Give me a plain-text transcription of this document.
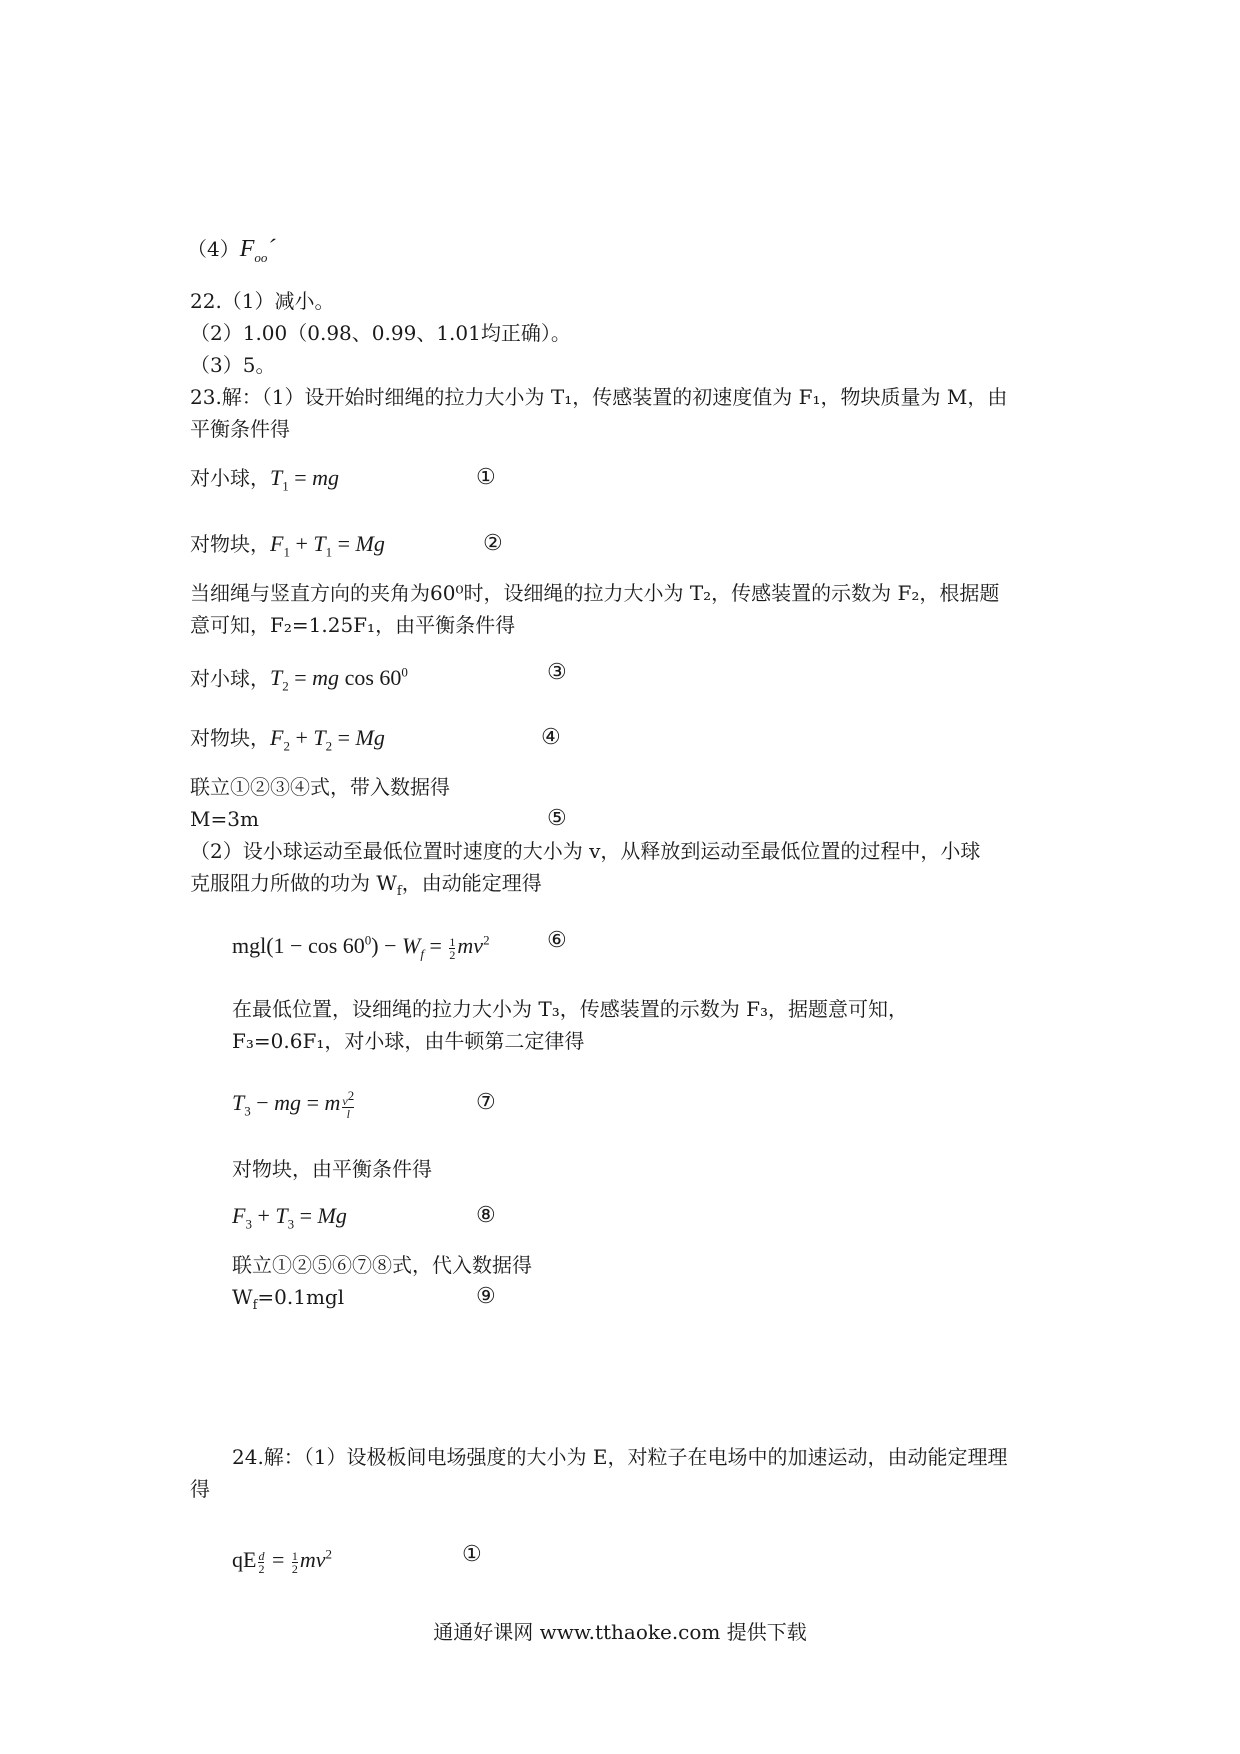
$(4)F_{oo}´$
22.（1）减小。
（2）1.00（0.98、0.99、1.01均正确）。
（3）5。
23.解：（1）设开始时细绳的拉力大小为 T₁，传感装置的初速度值为 F₁，物块质量为 M，由
平衡条件得
对小球，$T_1$ = mg	①
对物块，$F_1 + T_1 = Mg$	②
当细绳与竖直方向的夹角为60⁰时，设细绳的拉力大小为 T₂，传感装置的示数为 F₂，根据题
意可知，F₂=1.25F₁，由平衡条件得
对小球，$T_2$ = mg $\cos 60^0$	③
对物块，$F_2 + T_2 = Mg$	④
联立①②③④式，带入数据得
M=3m	⑤
（2）设小球运动至最低位置时速度的大小为 v，从释放到运动至最低位置的过程中，小球
克服阻力所做的功为 $W_f$，由动能定理得
$mgl(1 - \cos 60^0) - W_f = \frac{1}{2} mv^2$	⑥
在最低位置，设细绳的拉力大小为 T₃，传感装置的示数为 F₃，据题意可知，
F₃=0.6F₁，对小球，由牛顿第二定律得
$T_3$ − mg = m $\frac{v^2}{l}$	⑦
对物块，由平衡条件得
$F_3 + T_3 = Mg$	⑧
联立①②⑤⑥⑦⑧式，代入数据得
$W_f=0.1mgl$	⑨
24.解：（1）设极板间电场强度的大小为 E，对粒子在电场中的加速运动，由动能定理理
得
qE $\frac{d}{2} = \frac{1}{2} mv^2$	①
通通好课网 www.tthaoke.com 提供下载
